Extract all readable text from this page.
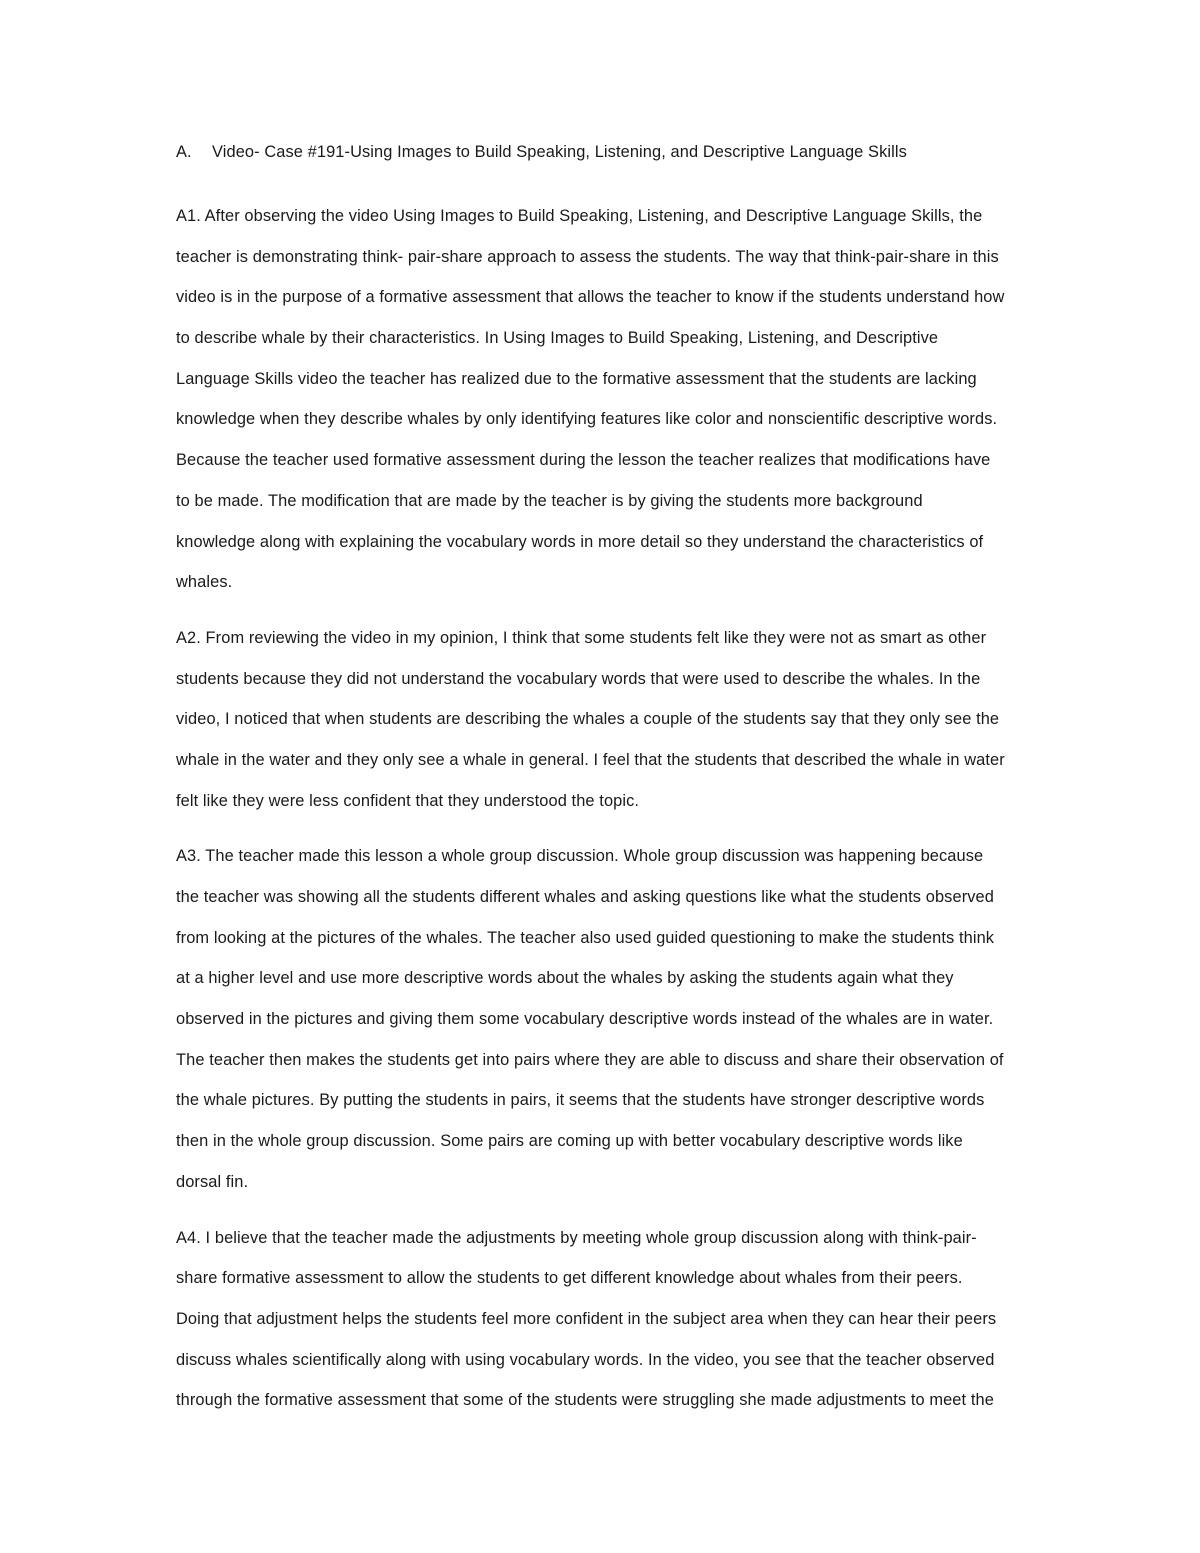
A. Video- Case #191-Using Images to Build Speaking, Listening, and Descriptive Language Skills
A1. After observing the video Using Images to Build Speaking, Listening, and Descriptive Language Skills, the
teacher is demonstrating think- pair-share approach to assess the students. The way that think-pair-share in this
video is in the purpose of a formative assessment that allows the teacher to know if the students understand how
to describe whale by their characteristics. In Using Images to Build Speaking, Listening, and Descriptive
Language Skills video the teacher has realized due to the formative assessment that the students are lacking
knowledge when they describe whales by only identifying features like color and nonscientific descriptive words.
Because the teacher used formative assessment during the lesson the teacher realizes that modifications have
to be made. The modification that are made by the teacher is by giving the students more background
knowledge along with explaining the vocabulary words in more detail so they understand the characteristics of
whales.
A2. From reviewing the video in my opinion, I think that some students felt like they were not as smart as other
students because they did not understand the vocabulary words that were used to describe the whales. In the
video, I noticed that when students are describing the whales a couple of the students say that they only see the
whale in the water and they only see a whale in general. I feel that the students that described the whale in water
felt like they were less confident that they understood the topic.
A3. The teacher made this lesson a whole group discussion. Whole group discussion was happening because
the teacher was showing all the students different whales and asking questions like what the students observed
from looking at the pictures of the whales. The teacher also used guided questioning to make the students think
at a higher level and use more descriptive words about the whales by asking the students again what they
observed in the pictures and giving them some vocabulary descriptive words instead of the whales are in water.
The teacher then makes the students get into pairs where they are able to discuss and share their observation of
the whale pictures. By putting the students in pairs, it seems that the students have stronger descriptive words
then in the whole group discussion. Some pairs are coming up with better vocabulary descriptive words like
dorsal fin.
A4. I believe that the teacher made the adjustments by meeting whole group discussion along with think-pair-
share formative assessment to allow the students to get different knowledge about whales from their peers.
Doing that adjustment helps the students feel more confident in the subject area when they can hear their peers
discuss whales scientifically along with using vocabulary words. In the video, you see that the teacher observed
through the formative assessment that some of the students were struggling she made adjustments to meet the
